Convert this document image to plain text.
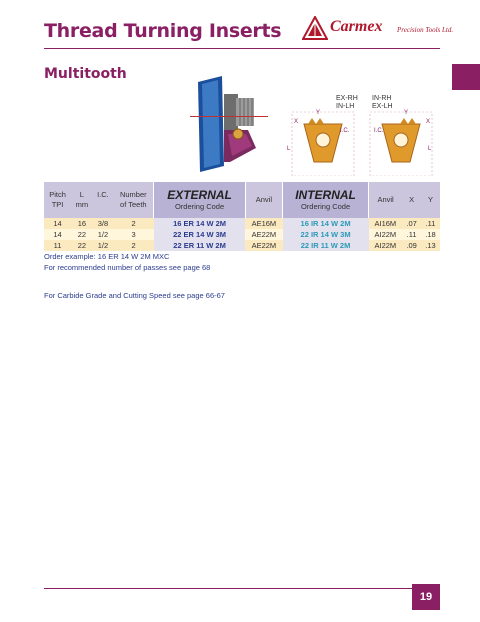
Thread Turning Inserts	Carmex Precision Tools Ltd.
Multitooth
EX-RH
IN-LH
IN-RH
EX-LH
X
Y
L
I.C.
X
Y
L
I.C.
Pitch
TPI	L
mm	I.C.	Number
of Teeth	EXTERNAL
Ordering Code	Anvil	INTERNAL
Ordering Code	Anvil	X	Y
14	16	3/8	2	16 ER 14 W 2M	AE16M	16 IR 14 W 2M	AI16M	.07	.11
14	22	1/2	3	22 ER 14 W 3M	AE22M	22 IR 14 W 3M	AI22M	.11	.18
11	22	1/2	2	22 ER 11 W 2M	AE22M	22 IR 11 W 2M	AI22M	.09	.13
Order example: 16 ER 14 W 2M MXC
For recommended number of passes see page 68
For Carbide Grade and Cutting Speed see page 66-67
19
